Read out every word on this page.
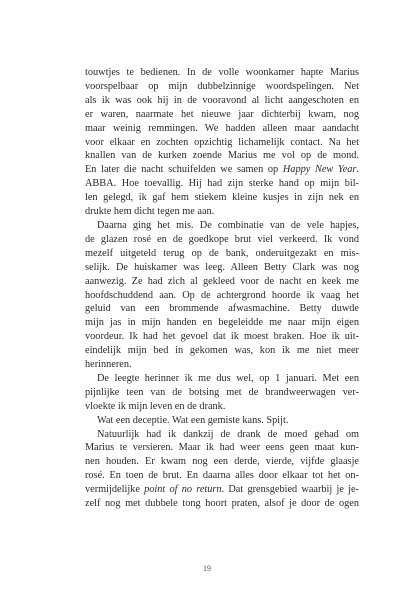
touwtjes te bedienen. In de volle woonkamer hapte Marius
voorspelbaar op mijn dubbelzinnige woordspelingen. Net
als ik was ook hij in de vooravond al licht aangeschoten en
er waren, naarmate het nieuwe jaar dichterbij kwam, nog
maar weinig remmingen. We hadden alleen maar aandacht
voor elkaar en zochten opzichtig lichamelijk contact. Na het
knallen van de kurken zoende Marius me vol op de mond.
En later die nacht schuifelden we samen op Happy New Year.
ABBA. Hoe toevallig. Hij had zijn sterke hand op mijn bil-
len gelegd, ik gaf hem stiekem kleine kusjes in zijn nek en
drukte hem dicht tegen me aan.
Daarna ging het mis. De combinatie van de vele hapjes,
de glazen rosé en de goedkope brut viel verkeerd. Ik vond
mezelf uitgeteld terug op de bank, onderuitgezakt en mis-
selijk. De huiskamer was leeg. Alleen Betty Clark was nog
aanwezig. Ze had zich al gekleed voor de nacht en keek me
hoofdschuddend aan. Op de achtergrond hoorde ik vaag het
geluid van een brommende afwasmachine. Betty duwde
mijn jas in mijn handen en begeleidde me naar mijn eigen
voordeur. Ik had het gevoel dat ik moest braken. Hoe ik uit-
eindelijk mijn bed in gekomen was, kon ik me niet meer
herinneren.
De leegte herinner ik me dus wel, op 1 januari. Met een
pijnlijke teen van de botsing met de brandweerwagen ver-
vloekte ik mijn leven en de drank.
Wat een deceptie. Wat een gemiste kans. Spijt.
Natuurlijk had ik dankzij de drank de moed gehad om
Marius te versieren. Maar ik had weer eens geen maat kun-
nen houden. Er kwam nog een derde, vierde, vijfde glaasje
rosé. En toen de brut. En daarna alles door elkaar tot het on-
vermijdelijke point of no return. Dat grensgebied waarbij je je-
zelf nog met dubbele tong hoort praten, alsof je door de ogen
19
